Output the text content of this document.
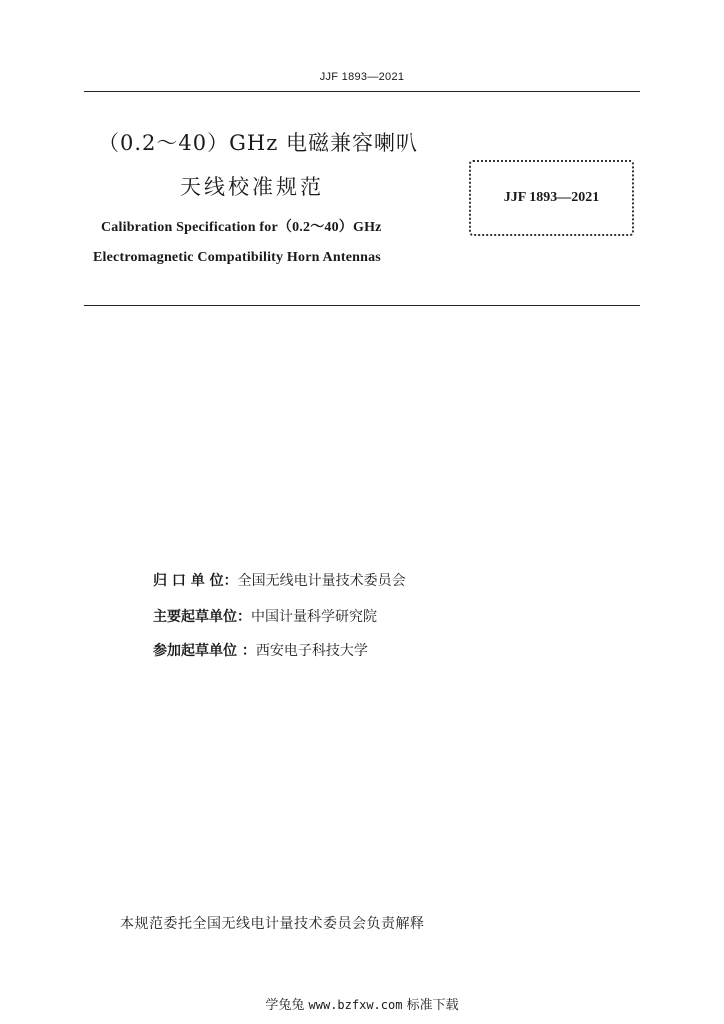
JJF 1893—2021
（0.2～40）GHz 电磁兼容喇叭
天线校准规范	JJF 1893—2021
Calibration Specification for（0.2～40）GHz
Electromagnetic Compatibility Horn Antennas
归 口 单 位：全国无线电计量技术委员会
主要起草单位：中国计量科学研究院
参加起草单位 ：西安电子科技大学
本规范委托全国无线电计量技术委员会负责解释
学兔兔 www.bzfxw.com 标准下载
